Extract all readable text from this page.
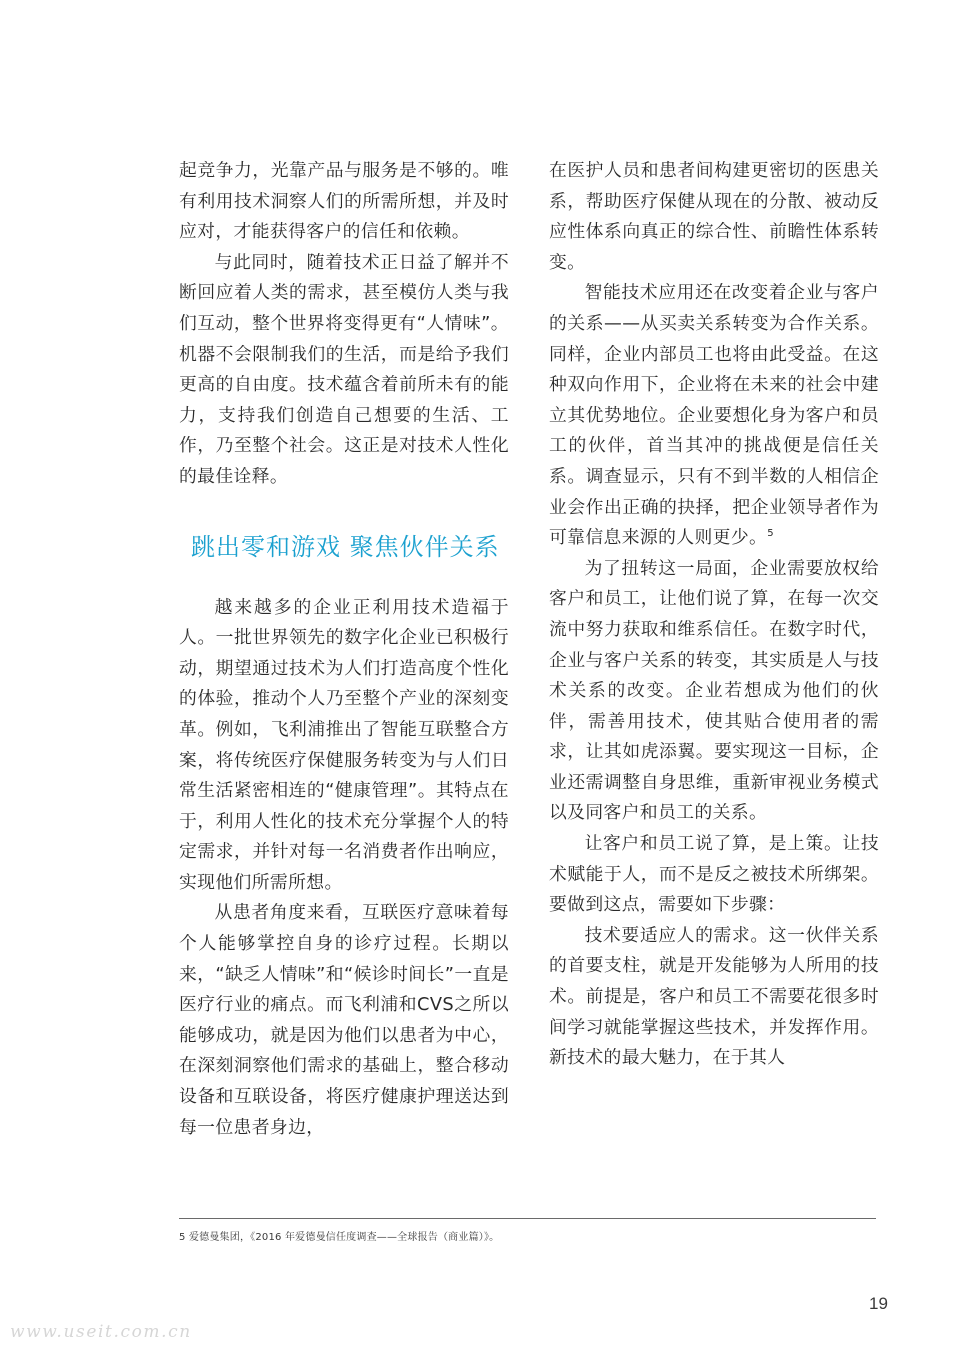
起竞争力，光靠产品与服务是不够的。唯有利用技术洞察人们的所需所想，并及时应对，才能获得客户的信任和依赖。

与此同时，随着技术正日益了解并不断回应着人类的需求，甚至模仿人类与我们互动，整个世界将变得更有“人情味”。机器不会限制我们的生活，而是给予我们更高的自由度。技术蕴含着前所未有的能力，支持我们创造自己想要的生活、工作，乃至整个社会。这正是对技术人性化的最佳诠释。

跳出零和游戏 聚焦伙伴关系

越来越多的企业正利用技术造福于人。一批世界领先的数字化企业已积极行动，期望通过技术为人们打造高度个性化的体验，推动个人乃至整个产业的深刻变革。例如，飞利浦推出了智能互联整合方案，将传统医疗保健服务转变为与人们日常生活紧密相连的“健康管理”。其特点在于，利用人性化的技术充分掌握个人的特定需求，并针对每一名消费者作出响应，实现他们所需所想。

从患者角度来看，互联医疗意味着每个人能够掌控自身的诊疗过程。长期以来，“缺乏人情味”和“候诊时间长”一直是医疗行业的痛点。而飞利浦和CVS之所以能够成功，就是因为他们以患者为中心，在深刻洞察他们需求的基础上，整合移动设备和互联设备，将医疗健康护理送达到每一位患者身边，

在医护人员和患者间构建更密切的医患关系，帮助医疗保健从现在的分散、被动反应性体系向真正的综合性、前瞻性体系转变。

智能技术应用还在改变着企业与客户的关系——从买卖关系转变为合作关系。同样，企业内部员工也将由此受益。在这种双向作用下，企业将在未来的社会中建立其优势地位。企业要想化身为客户和员工的伙伴，首当其冲的挑战便是信任关系。调查显示，只有不到半数的人相信企业会作出正确的抉择，把企业领导者作为可靠信息来源的人则更少。$^5$

为了扭转这一局面，企业需要放权给客户和员工，让他们说了算，在每一次交流中努力获取和维系信任。在数字时代，企业与客户关系的转变，其实质是人与技术关系的改变。企业若想成为他们的伙伴，需善用技术，使其贴合使用者的需求，让其如虎添翼。要实现这一目标，企业还需调整自身思维，重新审视业务模式以及同客户和员工的关系。

让客户和员工说了算，是上策。让技术赋能于人，而不是反之被技术所绑架。要做到这点，需要如下步骤：

技术要适应人的需求。这一伙伴关系的首要支柱，就是开发能够为人所用的技术。前提是，客户和员工不需要花很多时间学习就能掌握这些技术，并发挥作用。新技术的最大魅力，在于其人

5 爱德曼集团，《2016 年爱德曼信任度调查——全球报告（商业篇）》。
19
www.useit.com.cn
